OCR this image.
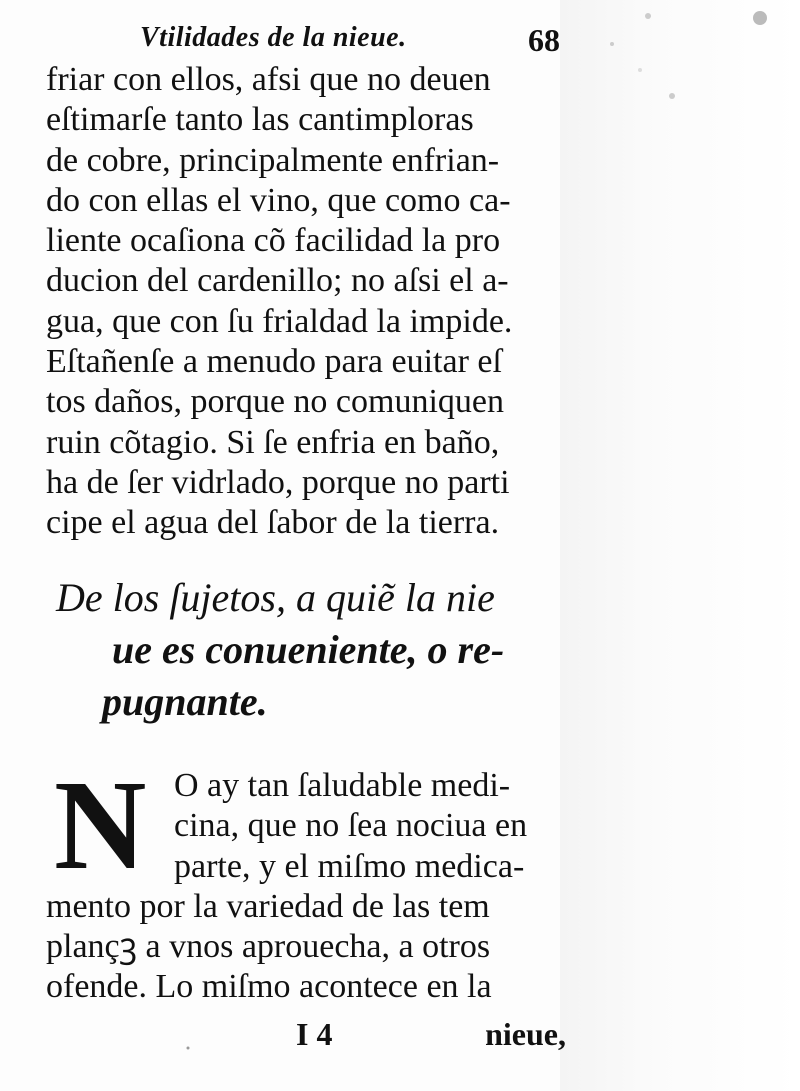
Vtilidades de la nieue.	68
friar con ellos, afsi que no deuen
eſtimarſe tanto las cantimploras
de cobre, principalmente enfrian-
do con ellas el vino, que como ca-
liente ocaſiona cõ facilidad la pro
ducion del cardenillo; no aſsi el a-
gua, que con ſu frialdad la impide.
Eſtañenſe a menudo para euitar eſ
tos daños, porque no comuniquen
ruin cõtagio. Si ſe enfria en baño,
ha de ſer vidrlado, porque no parti
cipe el agua del ſabor de la tierra.
De los ſujetos, a quiẽ la nie
ue es conueniente, o re-
pugnante.
N O ay tan ſaludable medi-
cina, que no ſea nociua en
parte, y el miſmo medica-
mento por la variedad de las tem
plançꝫ a vnos aprouecha, a otros
ofende. Lo miſmo acontece en la
I 4	nieue,
